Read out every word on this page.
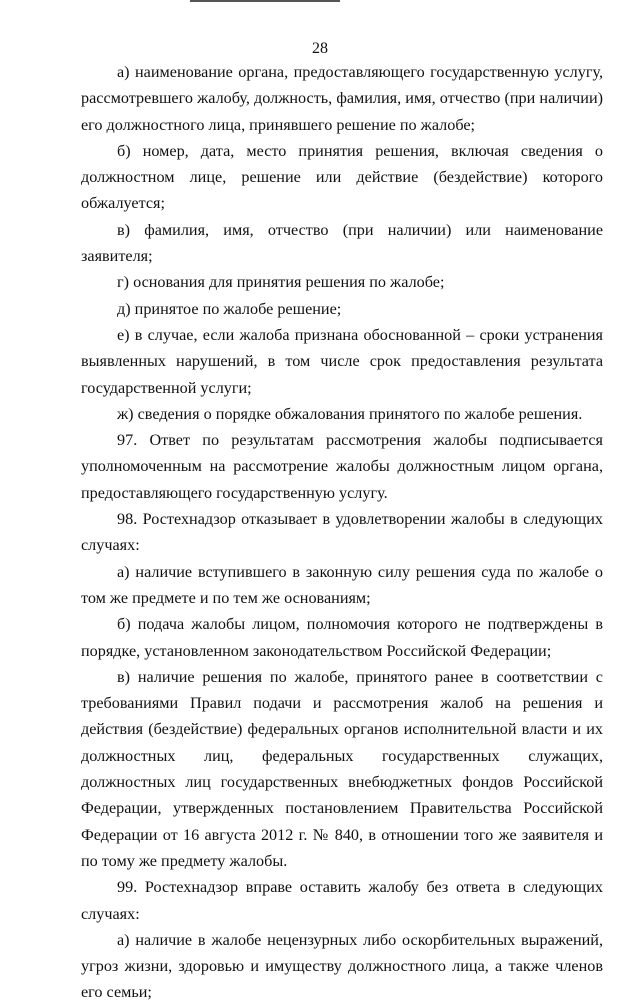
28

а) наименование органа, предоставляющего государственную услугу, рассмотревшего жалобу, должность, фамилия, имя, отчество (при наличии) его должностного лица, принявшего решение по жалобе;

б) номер, дата, место принятия решения, включая сведения о должностном лице, решение или действие (бездействие) которого обжалуется;

в) фамилия, имя, отчество (при наличии) или наименование заявителя;

г) основания для принятия решения по жалобе;

д) принятое по жалобе решение;

е) в случае, если жалоба признана обоснованной – сроки устранения выявленных нарушений, в том числе срок предоставления результата государственной услуги;

ж) сведения о порядке обжалования принятого по жалобе решения.

97. Ответ по результатам рассмотрения жалобы подписывается уполномоченным на рассмотрение жалобы должностным лицом органа, предоставляющего государственную услугу.

98. Ростехнадзор отказывает в удовлетворении жалобы в следующих случаях:

а) наличие вступившего в законную силу решения суда по жалобе о том же предмете и по тем же основаниям;

б) подача жалобы лицом, полномочия которого не подтверждены в порядке, установленном законодательством Российской Федерации;

в) наличие решения по жалобе, принятого ранее в соответствии с требованиями Правил подачи и рассмотрения жалоб на решения и действия (бездействие) федеральных органов исполнительной власти и их должностных лиц, федеральных государственных служащих, должностных лиц государственных внебюджетных фондов Российской Федерации, утвержденных постановлением Правительства Российской Федерации от 16 августа 2012 г. № 840, в отношении того же заявителя и по тому же предмету жалобы.

99. Ростехнадзор вправе оставить жалобу без ответа в следующих случаях:

а) наличие в жалобе нецензурных либо оскорбительных выражений, угроз жизни, здоровью и имуществу должностного лица, а также членов его семьи;
